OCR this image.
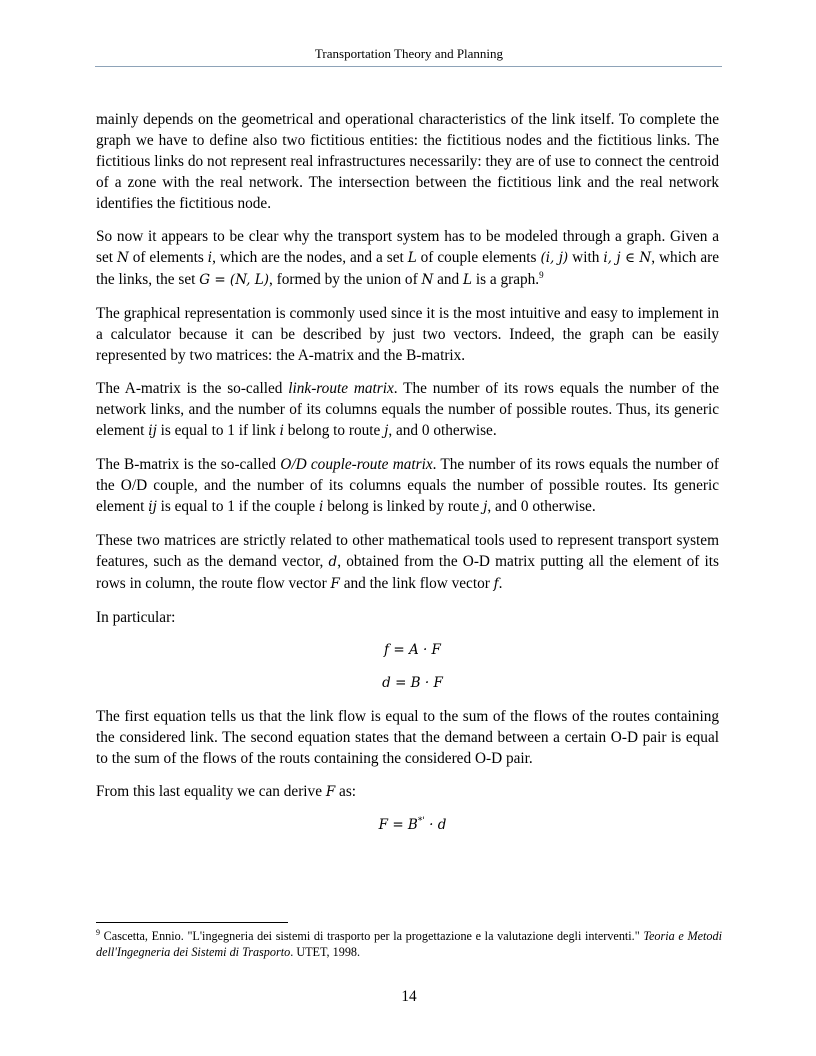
Transportation Theory and Planning

mainly depends on the geometrical and operational characteristics of the link itself. To complete the graph we have to define also two fictitious entities: the fictitious nodes and the fictitious links. The fictitious links do not represent real infrastructures necessarily: they are of use to connect the centroid of a zone with the real network. The intersection between the fictitious link and the real network identifies the fictitious node.

So now it appears to be clear why the transport system has to be modeled through a graph. Given a set N of elements i, which are the nodes, and a set L of couple elements (i, j) with i, j ∈ N, which are the links, the set G = (N, L), formed by the union of N and L is a graph.$^9$

The graphical representation is commonly used since it is the most intuitive and easy to implement in a calculator because it can be described by just two vectors. Indeed, the graph can be easily represented by two matrices: the A-matrix and the B-matrix.

The A-matrix is the so-called link-route matrix. The number of its rows equals the number of the network links, and the number of its columns equals the number of possible routes. Thus, its generic element ij is equal to 1 if link i belong to route j, and 0 otherwise.

The B-matrix is the so-called O/D couple-route matrix. The number of its rows equals the number of the O/D couple, and the number of its columns equals the number of possible routes. Its generic element ij is equal to 1 if the couple i belong is linked by route j, and 0 otherwise.

These two matrices are strictly related to other mathematical tools used to represent transport system features, such as the demand vector, d, obtained from the O-D matrix putting all the element of its rows in column, the route flow vector F and the link flow vector f.

In particular:

f = A · F

d = B · F

The first equation tells us that the link flow is equal to the sum of the flows of the routes containing the considered link. The second equation states that the demand between a certain O-D pair is equal to the sum of the flows of the routs containing the considered O-D pair.

From this last equality we can derive F as:

F = B*' · d

$^9$ Cascetta, Ennio. "L'ingegneria dei sistemi di trasporto per la progettazione e la valutazione degli interventi." Teoria e Metodi dell'Ingegneria dei Sistemi di Trasporto. UTET, 1998.
14
